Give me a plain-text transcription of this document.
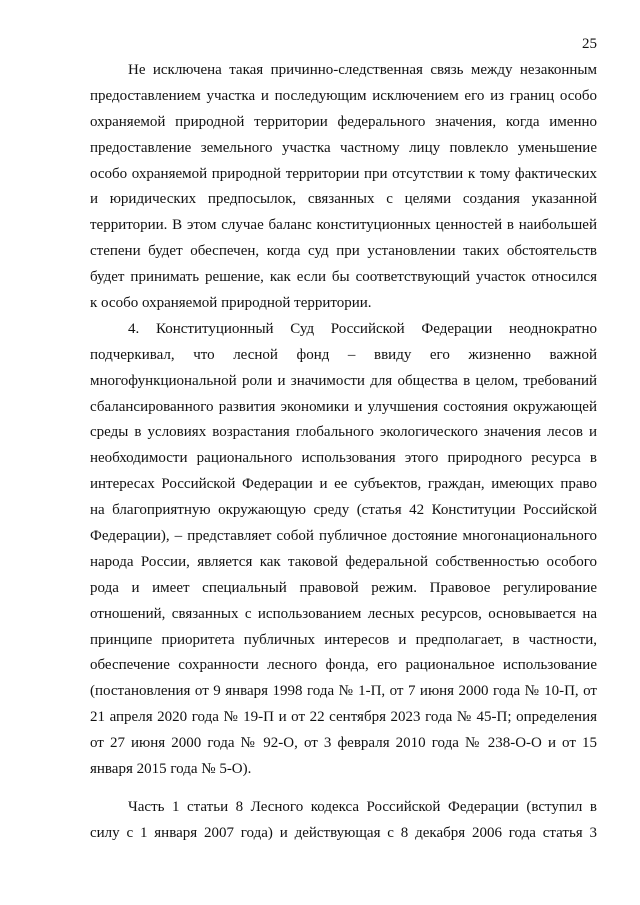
25
Не исключена такая причинно-следственная связь между незаконным
предоставлением участка и последующим исключением его из границ особо
охраняемой природной территории федерального значения, когда именно
предоставление земельного участка частному лицу повлекло уменьшение
особо охраняемой природной территории при отсутствии к тому фактических
и юридических предпосылок, связанных с целями создания указанной
территории. В этом случае баланс конституционных ценностей в наибольшей
степени будет обеспечен, когда суд при установлении таких обстоятельств
будет принимать решение, как если бы соответствующий участок относился
к особо охраняемой природной территории.
4. Конституционный Суд Российской Федерации неоднократно
подчеркивал, что лесной фонд – ввиду его жизненно важной
многофункциональной роли и значимости для общества в целом, требований
сбалансированного развития экономики и улучшения состояния окружающей
среды в условиях возрастания глобального экологического значения лесов и
необходимости рационального использования этого природного ресурса в
интересах Российской Федерации и ее субъектов, граждан, имеющих право
на благоприятную окружающую среду (статья 42 Конституции Российской
Федерации), – представляет собой публичное достояние многонационального
народа России, является как таковой федеральной собственностью особого
рода и имеет специальный правовой режим. Правовое регулирование
отношений, связанных с использованием лесных ресурсов, основывается на
принципе приоритета публичных интересов и предполагает, в частности,
обеспечение сохранности лесного фонда, его рациональное использование
(постановления от 9 января 1998 года № 1-П, от 7 июня 2000 года № 10-П, от
21 апреля 2020 года № 19-П и от 22 сентября 2023 года № 45-П; определения
от 27 июня 2000 года № 92-О, от 3 февраля 2010 года № 238-О-О и от 15
января 2015 года № 5-О).
Часть 1 статьи 8 Лесного кодекса Российской Федерации (вступил в
силу с 1 января 2007 года) и действующая с 8 декабря 2006 года статья 3
